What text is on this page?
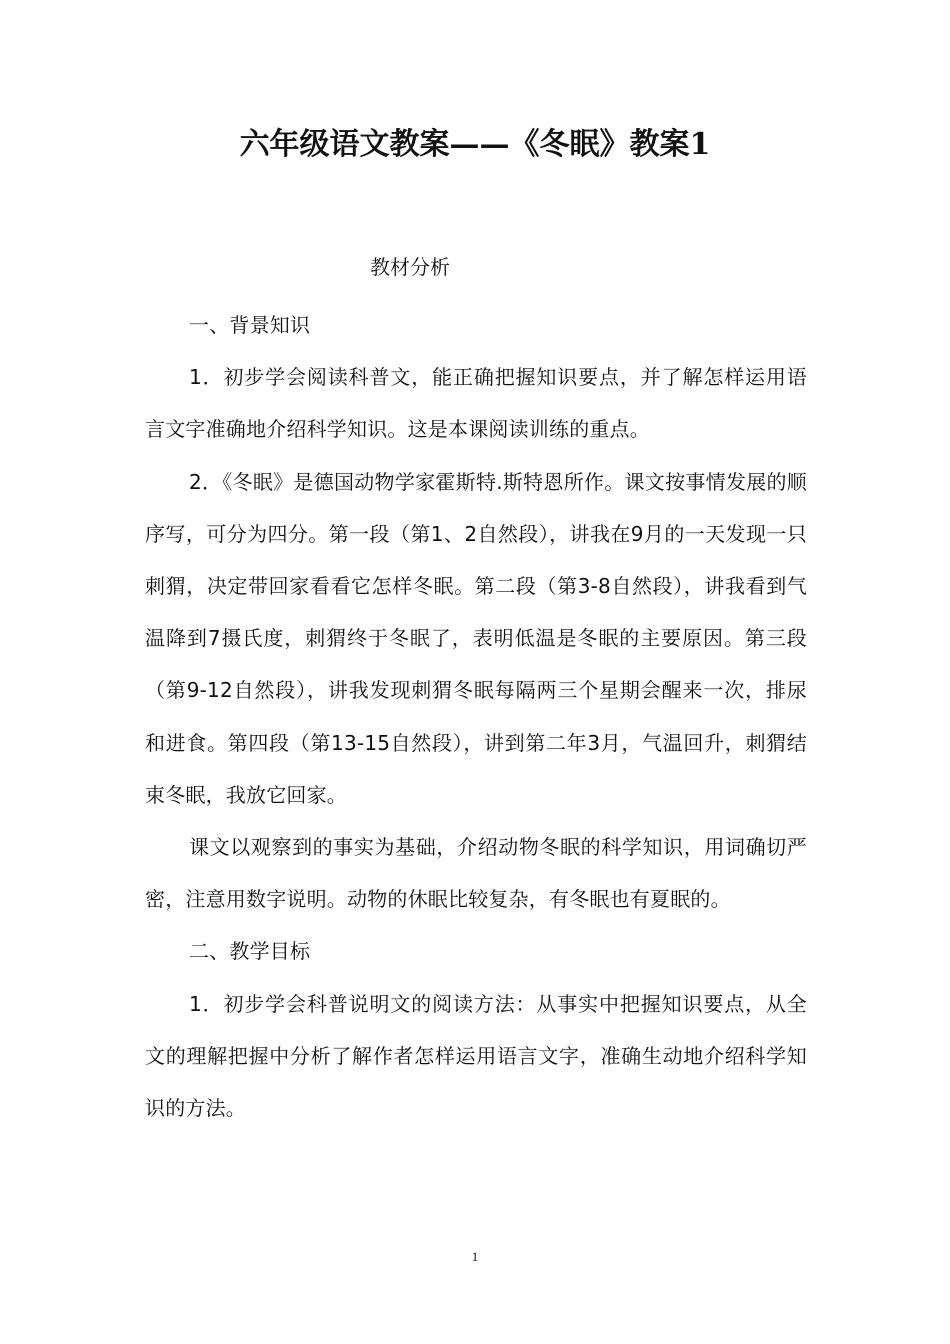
六年级语文教案——《冬眠》教案1
教材分析

一、背景知识

1．初步学会阅读科普文，能正确把握知识要点，并了解怎样运用语言文字准确地介绍科学知识。这是本课阅读训练的重点。

2．《冬眠》是德国动物学家霍斯特.斯特恩所作。课文按事情发展的顺序写，可分为四分。第一段（第1、2自然段），讲我在9月的一天发现一只刺猬，决定带回家看看它怎样冬眠。第二段（第3-8自然段），讲我看到气温降到7摄氏度，刺猬终于冬眠了，表明低温是冬眠的主要原因。第三段（第9-12自然段），讲我发现刺猬冬眠每隔两三个星期会醒来一次，排尿和进食。第四段（第13-15自然段），讲到第二年3月，气温回升，刺猬结束冬眠，我放它回家。

课文以观察到的事实为基础，介绍动物冬眠的科学知识，用词确切严密，注意用数字说明。动物的休眠比较复杂，有冬眠也有夏眠的。

二、教学目标

1．初步学会科普说明文的阅读方法：从事实中把握知识要点，从全文的理解把握中分析了解作者怎样运用语言文字，准确生动地介绍科学知识的方法。

1
